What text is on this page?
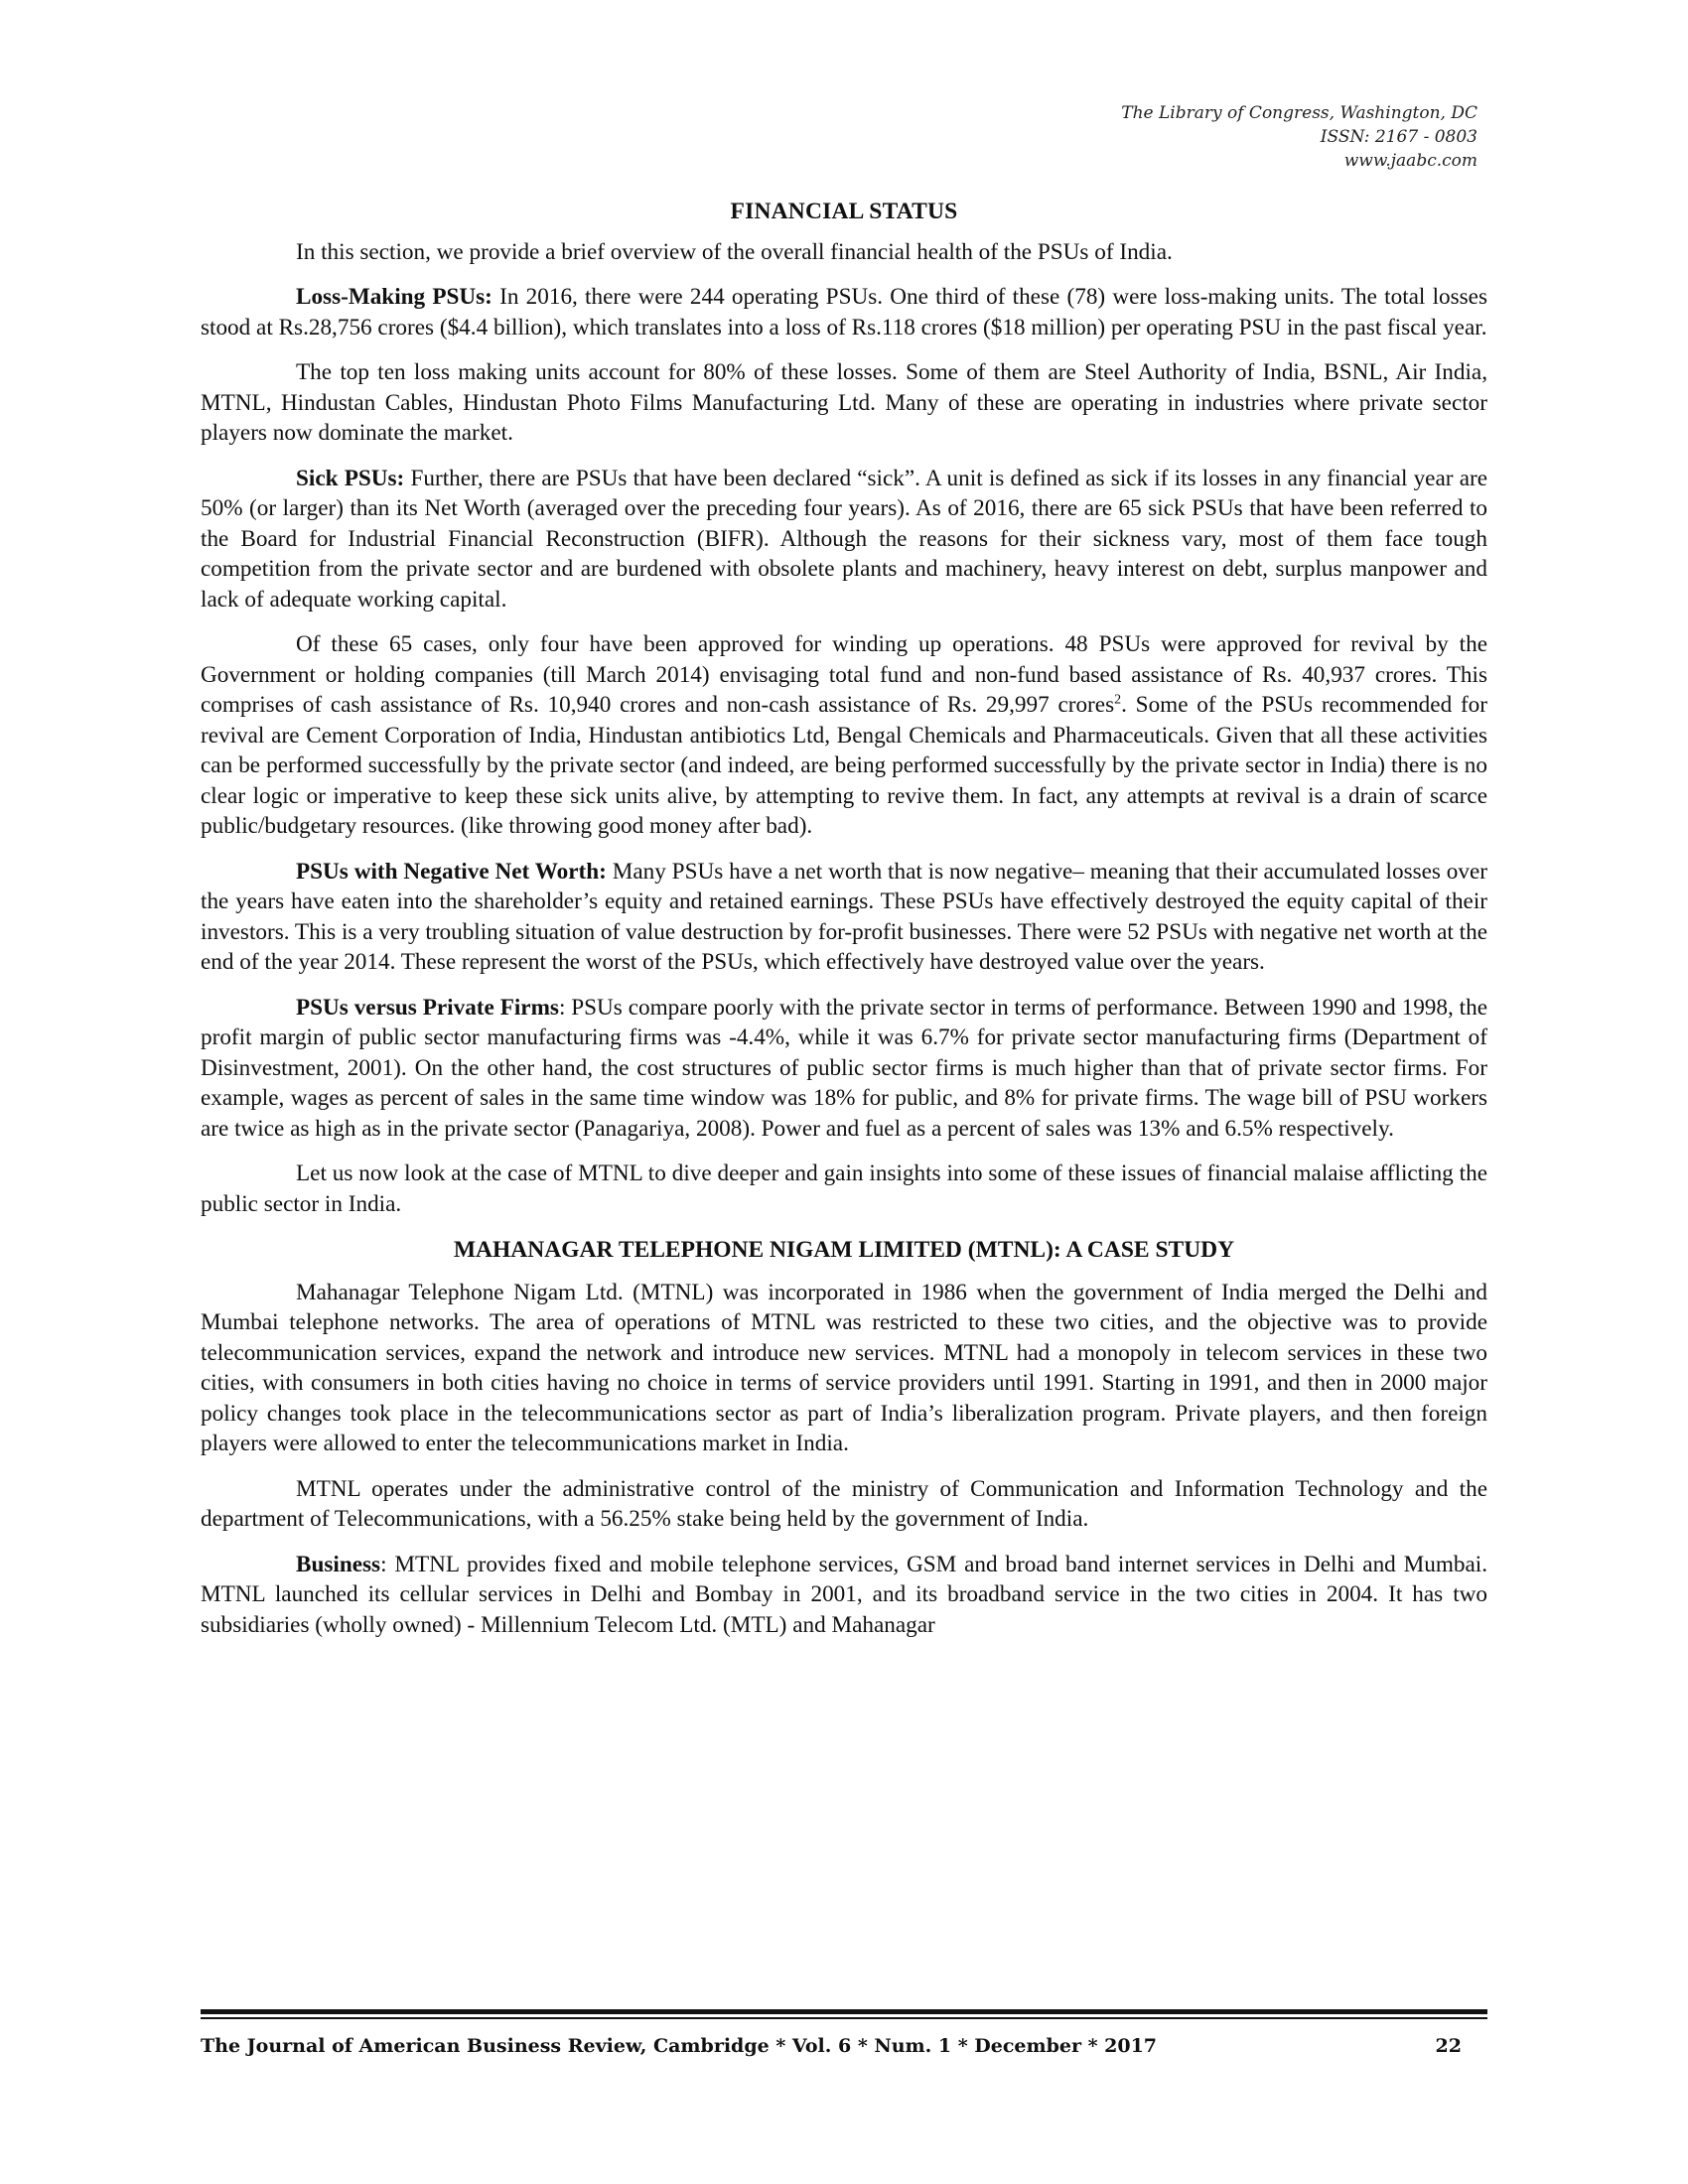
The Library of Congress, Washington, DC
ISSN: 2167 - 0803
www.jaabc.com
FINANCIAL STATUS

In this section, we provide a brief overview of the overall financial health of the PSUs of India.

Loss-Making PSUs: In 2016, there were 244 operating PSUs. One third of these (78) were loss-making units. The total losses stood at Rs.28,756 crores ($4.4 billion), which translates into a loss of Rs.118 crores ($18 million) per operating PSU in the past fiscal year.

The top ten loss making units account for 80% of these losses. Some of them are Steel Authority of India, BSNL, Air India, MTNL, Hindustan Cables, Hindustan Photo Films Manufacturing Ltd. Many of these are operating in industries where private sector players now dominate the market.

Sick PSUs: Further, there are PSUs that have been declared “sick”. A unit is defined as sick if its losses in any financial year are 50% (or larger) than its Net Worth (averaged over the preceding four years). As of 2016, there are 65 sick PSUs that have been referred to the Board for Industrial Financial Reconstruction (BIFR). Although the reasons for their sickness vary, most of them face tough competition from the private sector and are burdened with obsolete plants and machinery, heavy interest on debt, surplus manpower and lack of adequate working capital.

Of these 65 cases, only four have been approved for winding up operations. 48 PSUs were approved for revival by the Government or holding companies (till March 2014) envisaging total fund and non-fund based assistance of Rs. 40,937 crores. This comprises of cash assistance of Rs. 10,940 crores and non-cash assistance of Rs. 29,997 crores$^2$. Some of the PSUs recommended for revival are Cement Corporation of India, Hindustan antibiotics Ltd, Bengal Chemicals and Pharmaceuticals. Given that all these activities can be performed successfully by the private sector (and indeed, are being performed successfully by the private sector in India) there is no clear logic or imperative to keep these sick units alive, by attempting to revive them. In fact, any attempts at revival is a drain of scarce public/budgetary resources. (like throwing good money after bad).

PSUs with Negative Net Worth: Many PSUs have a net worth that is now negative– meaning that their accumulated losses over the years have eaten into the shareholder’s equity and retained earnings. These PSUs have effectively destroyed the equity capital of their investors. This is a very troubling situation of value destruction by for-profit businesses. There were 52 PSUs with negative net worth at the end of the year 2014. These represent the worst of the PSUs, which effectively have destroyed value over the years.

PSUs versus Private Firms: PSUs compare poorly with the private sector in terms of performance. Between 1990 and 1998, the profit margin of public sector manufacturing firms was -4.4%, while it was 6.7% for private sector manufacturing firms (Department of Disinvestment, 2001). On the other hand, the cost structures of public sector firms is much higher than that of private sector firms. For example, wages as percent of sales in the same time window was 18% for public, and 8% for private firms. The wage bill of PSU workers are twice as high as in the private sector (Panagariya, 2008). Power and fuel as a percent of sales was 13% and 6.5% respectively.

Let us now look at the case of MTNL to dive deeper and gain insights into some of these issues of financial malaise afflicting the public sector in India.

MAHANAGAR TELEPHONE NIGAM LIMITED (MTNL): A CASE STUDY

Mahanagar Telephone Nigam Ltd. (MTNL) was incorporated in 1986 when the government of India merged the Delhi and Mumbai telephone networks. The area of operations of MTNL was restricted to these two cities, and the objective was to provide telecommunication services, expand the network and introduce new services. MTNL had a monopoly in telecom services in these two cities, with consumers in both cities having no choice in terms of service providers until 1991. Starting in 1991, and then in 2000 major policy changes took place in the telecommunications sector as part of India’s liberalization program. Private players, and then foreign players were allowed to enter the telecommunications market in India.

MTNL operates under the administrative control of the ministry of Communication and Information Technology and the department of Telecommunications, with a 56.25% stake being held by the government of India.

Business: MTNL provides fixed and mobile telephone services, GSM and broad band internet services in Delhi and Mumbai. MTNL launched its cellular services in Delhi and Bombay in 2001, and its broadband service in the two cities in 2004. It has two subsidiaries (wholly owned) - Millennium Telecom Ltd. (MTL) and Mahanagar

The Journal of American Business Review, Cambridge * Vol. 6 * Num. 1 * December * 2017	22
